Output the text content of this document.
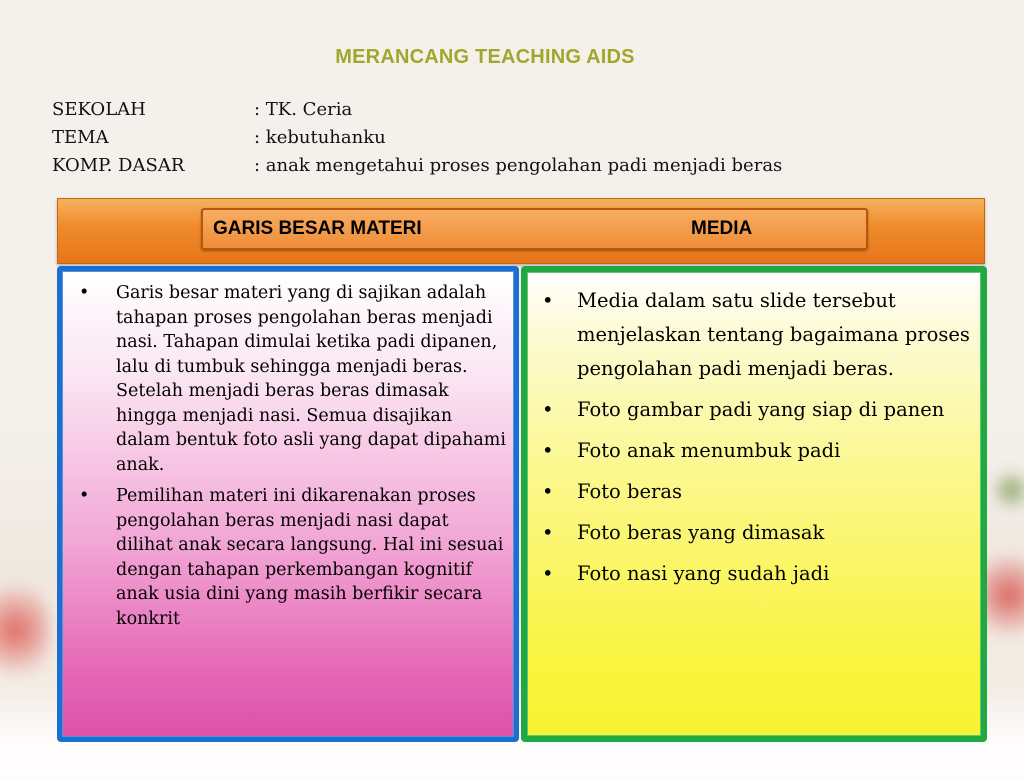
MERANCANG TEACHING AIDS
SEKOLAH	: TK. Ceria
TEMA	: kebutuhanku
KOMP. DASAR	: anak mengetahui proses pengolahan padi menjadi beras
GARIS BESAR MATERI	MEDIA
• Garis besar materi yang di sajikan adalah tahapan proses pengolahan beras menjadi nasi. Tahapan dimulai ketika padi dipanen, lalu di tumbuk sehingga menjadi beras. Setelah menjadi beras beras dimasak hingga menjadi nasi. Semua disajikan dalam bentuk foto asli yang dapat dipahami anak.
• Pemilihan materi ini dikarenakan proses pengolahan beras menjadi nasi dapat dilihat anak secara langsung. Hal ini sesuai dengan tahapan perkembangan kognitif anak usia dini yang masih berfikir secara konkrit
• Media dalam satu slide tersebut menjelaskan tentang bagaimana proses pengolahan padi menjadi beras.
• Foto gambar padi yang siap di panen
• Foto anak menumbuk padi
• Foto beras
• Foto beras yang dimasak
• Foto nasi yang sudah jadi
